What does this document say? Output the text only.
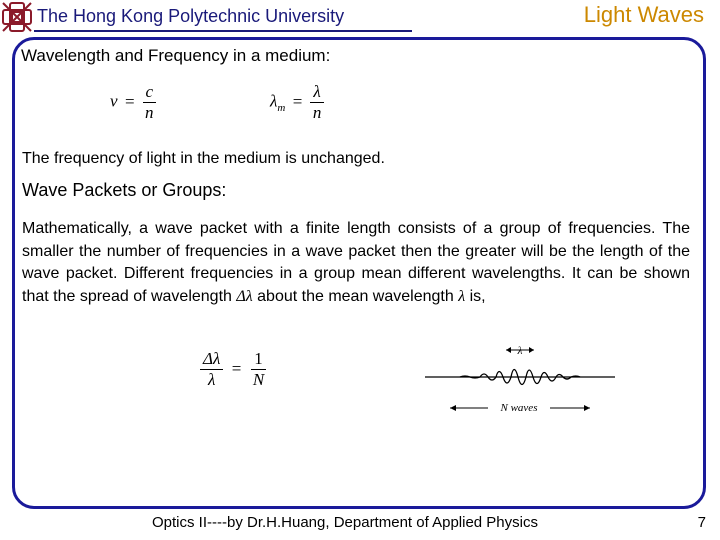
The Hong Kong Polytechnic University	Light Waves
Wavelength and Frequency in a medium:
$v = \frac{c}{n}$	$\lambda_m = \frac{\lambda}{n}$
The frequency of light in the medium is unchanged.
Wave Packets or Groups:
Mathematically, a wave packet with a finite length consists of a group of frequencies. The smaller the number of frequencies in a wave packet then the greater will be the length of the wave packet. Different frequencies in a group mean different wavelengths. It can be shown that the spread of wavelength Δλ about the mean wavelength λ is,
$\frac{\Delta\lambda}{\lambda} = \frac{1}{N}$	λ
N waves
Optics II----by Dr.H.Huang, Department of Applied Physics	7
